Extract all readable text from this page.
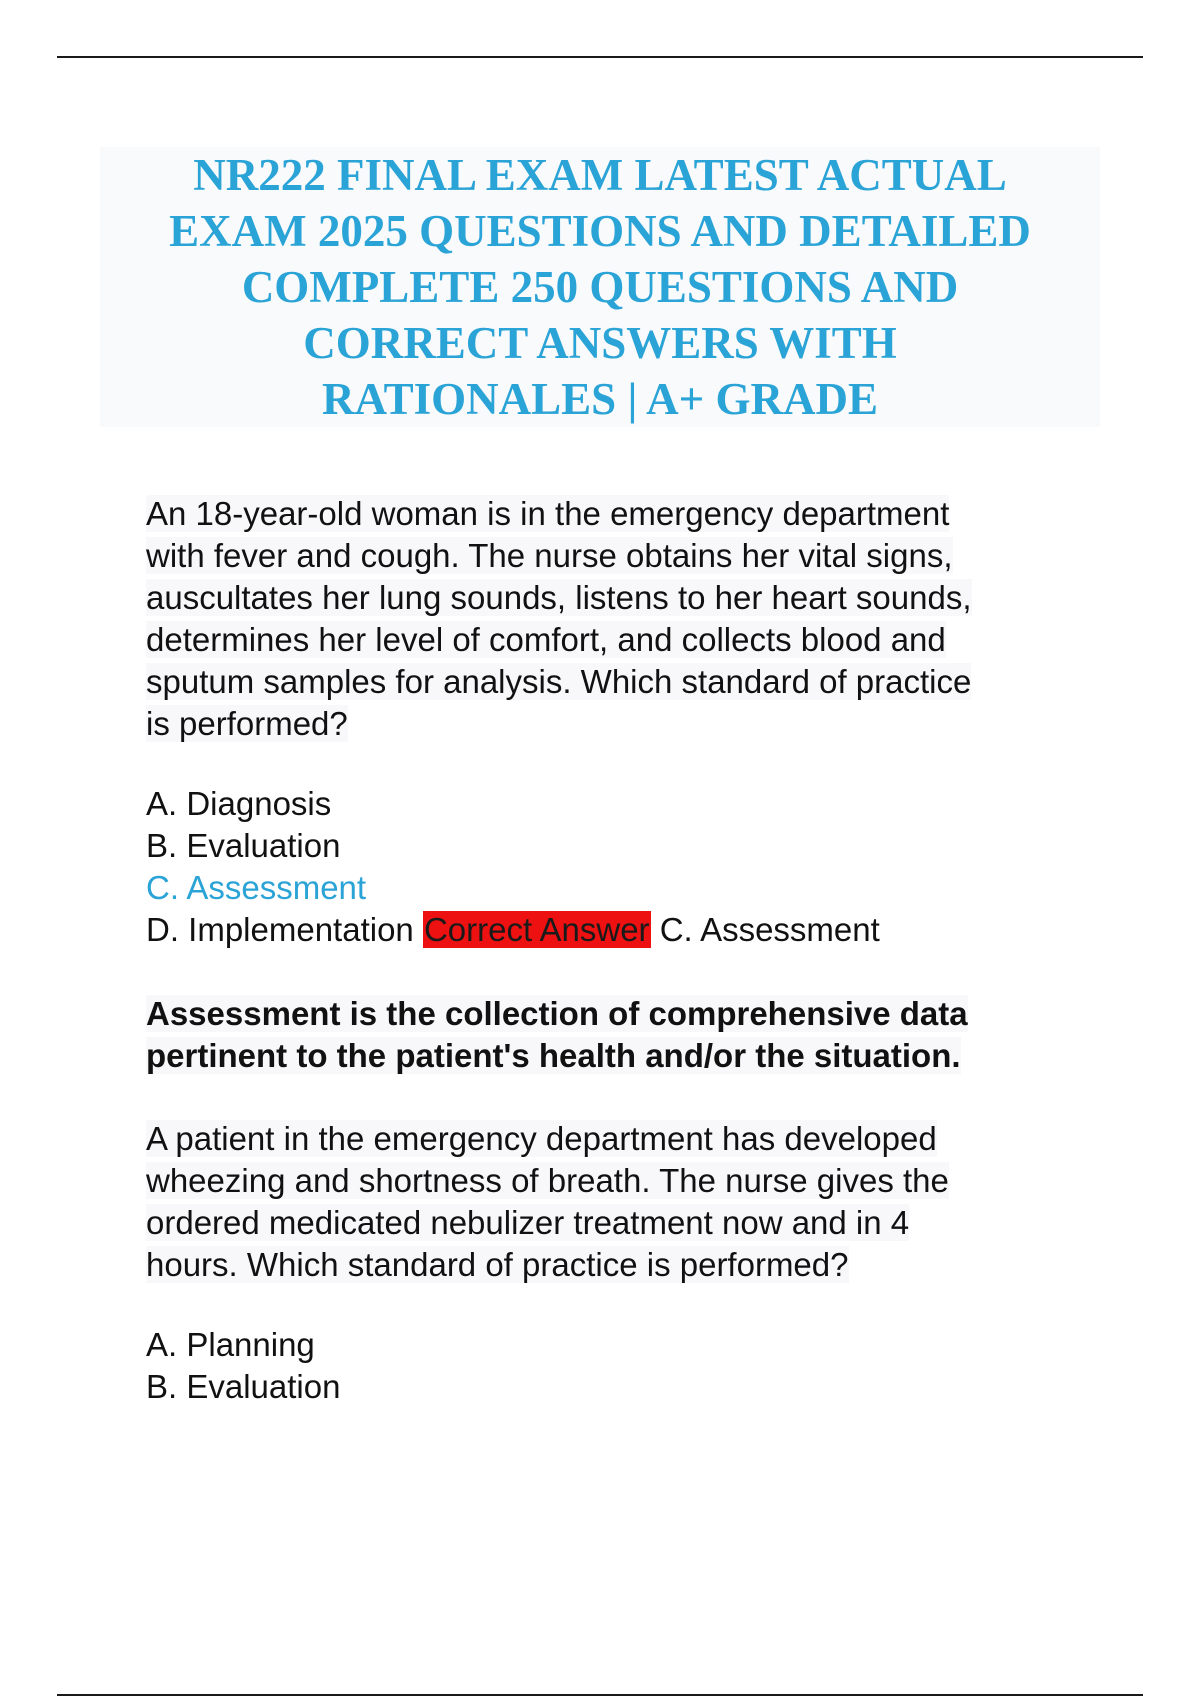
NR222 FINAL EXAM LATEST ACTUAL
EXAM 2025 QUESTIONS AND DETAILED
COMPLETE 250 QUESTIONS AND
CORRECT ANSWERS WITH
RATIONALES | A+ GRADE
An 18-year-old woman is in the emergency department
with fever and cough. The nurse obtains her vital signs,
auscultates her lung sounds, listens to her heart sounds,
determines her level of comfort, and collects blood and
sputum samples for analysis. Which standard of practice
is performed?
A. Diagnosis
B. Evaluation
C. Assessment
D. Implementation Correct Answer C. Assessment
Assessment is the collection of comprehensive data
pertinent to the patient's health and/or the situation.
A patient in the emergency department has developed
wheezing and shortness of breath. The nurse gives the
ordered medicated nebulizer treatment now and in 4
hours. Which standard of practice is performed?
A. Planning
B. Evaluation
